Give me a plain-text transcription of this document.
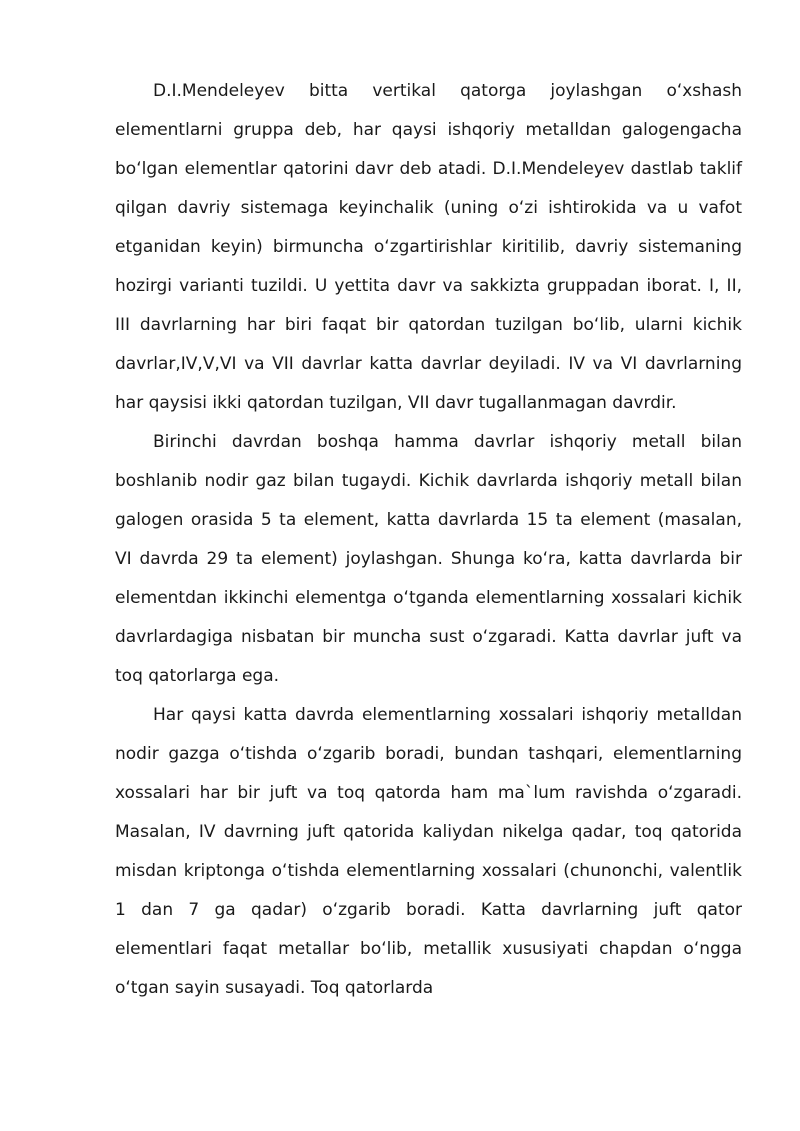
D.I.Mendeleyev bitta vertikal qatorga joylashgan oʻxshash elementlarni gruppa deb, har qaysi ishqoriy metalldan galogengacha boʻlgan elementlar qatorini davr deb atadi. D.I.Mendeleyev dastlab taklif qilgan davriy sistemaga keyinchalik (uning oʻzi ishtirokida va u vafot etganidan keyin) birmuncha oʻzgartirishlar kiritilib, davriy sistemaning hozirgi varianti tuzildi. U yettita davr va sakkizta gruppadan iborat. I, II, III davrlarning har biri faqat bir qatordan tuzilgan boʻlib, ularni kichik davrlar,IV,V,VI va VII davrlar katta davrlar deyiladi. IV va VI davrlarning har qaysisi ikki qatordan tuzilgan, VII davr tugallanmagan davrdir.

Birinchi davrdan boshqa hamma davrlar ishqoriy metall bilan boshlanib nodir gaz bilan tugaydi. Kichik davrlarda ishqoriy metall bilan galogen orasida 5 ta element, katta davrlarda 15 ta element (masalan, VI davrda 29 ta element) joylashgan. Shunga koʻra, katta davrlarda bir elementdan ikkinchi elementga oʻtganda elementlarning xossalari kichik davrlardagiga nisbatan bir muncha sust oʻzgaradi. Katta davrlar juft va toq qatorlarga ega.

Har qaysi katta davrda elementlarning xossalari ishqoriy metalldan nodir gazga oʻtishda oʻzgarib boradi, bundan tashqari, elementlarning xossalari har bir juft va toq qatorda ham ma`lum ravishda oʻzgaradi. Masalan, IV davrning juft qatorida kaliydan nikelga qadar, toq qatorida misdan kriptonga oʻtishda elementlarning xossalari (chunonchi, valentlik 1 dan 7 ga qadar) oʻzgarib boradi. Katta davrlarning juft qator elementlari faqat metallar boʻlib, metallik xususiyati chapdan oʻngga oʻtgan sayin susayadi. Toq qatorlarda
